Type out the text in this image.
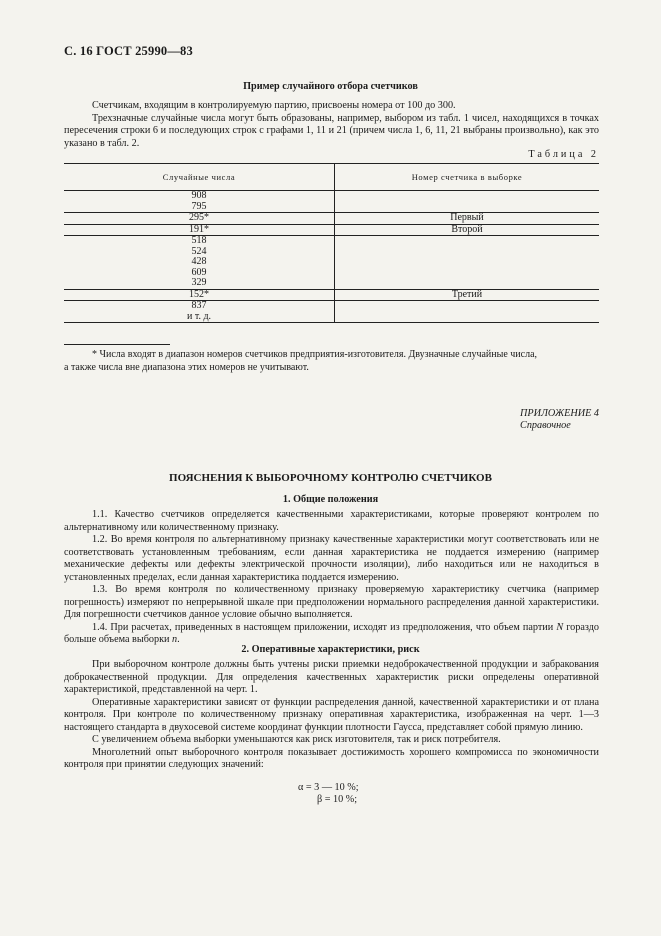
С. 16 ГОСТ 25990—83
Пример случайного отбора счетчиков

Счетчикам, входящим в контролируемую партию, присвоены номера от 100 до 300.

Трехзначные случайные числа могут быть образованы, например, выбором из табл. 1 чисел, находящихся в точках пересечения строки 6 и последующих строк с графами 1, 11 и 21 (причем числа 1, 6, 11, 21 выбраны произвольно), как это указано в табл. 2.

Таблица 2
Случайные числа	Номер счетчика в выборке

908
795	

295*	Первый

191*	Второй

518
524
428
609
329	

152*	Третий

837
и т. д.	

* Числа входят в диапазон номеров счетчиков предприятия-изготовителя. Двузначные случайные числа,

а также числа вне диапазона этих номеров не учитывают.

ПРИЛОЖЕНИЕ 4
Справочное
ПОЯСНЕНИЯ К ВЫБОРОЧНОМУ КОНТРОЛЮ СЧЕТЧИКОВ
1. Общие положения

1.1. Качество счетчиков определяется качественными характеристиками, которые проверяют контролем по альтернативному или количественному признаку.

1.2. Во время контроля по альтернативному признаку качественные характеристики могут соответствовать или не соответствовать установленным требованиям, если данная характеристика не поддается измерению (например механические дефекты или дефекты электрической прочности изоляции), либо находиться или не находиться в установленных пределах, если данная характеристика поддается измерению.

1.3. Во время контроля по количественному признаку проверяемую характеристику счетчика (например погрешность) измеряют по непрерывной шкале при предположении нормального распределения данной характеристики. Для погрешности счетчиков данное условие обычно выполняется.

1.4. При расчетах, приведенных в настоящем приложении, исходят из предположения, что объем партии N гораздо больше объема выборки n.

2. Оперативные характеристики, риск

При выборочном контроле должны быть учтены риски приемки недоброкачественной продукции и забракования доброкачественной продукции. Для определения качественных характеристик риски определены оперативной характеристикой, представленной на черт. 1.

Оперативные характеристики зависят от функции распределения данной, качественной характеристики и от плана контроля. При контроле по количественному признаку оперативная характеристика, изображенная на черт. 1—3 настоящего стандарта в двухосевой системе координат функции плотности Гаусса, представляет собой прямую линию.

С увеличением объема выборки уменьшаются как риск изготовителя, так и риск потребителя.

Многолетний опыт выборочного контроля показывает достижимость хорошего компромисса по экономичности контроля при принятии следующих значений:

α = 3 — 10 %;
β = 10 %;
